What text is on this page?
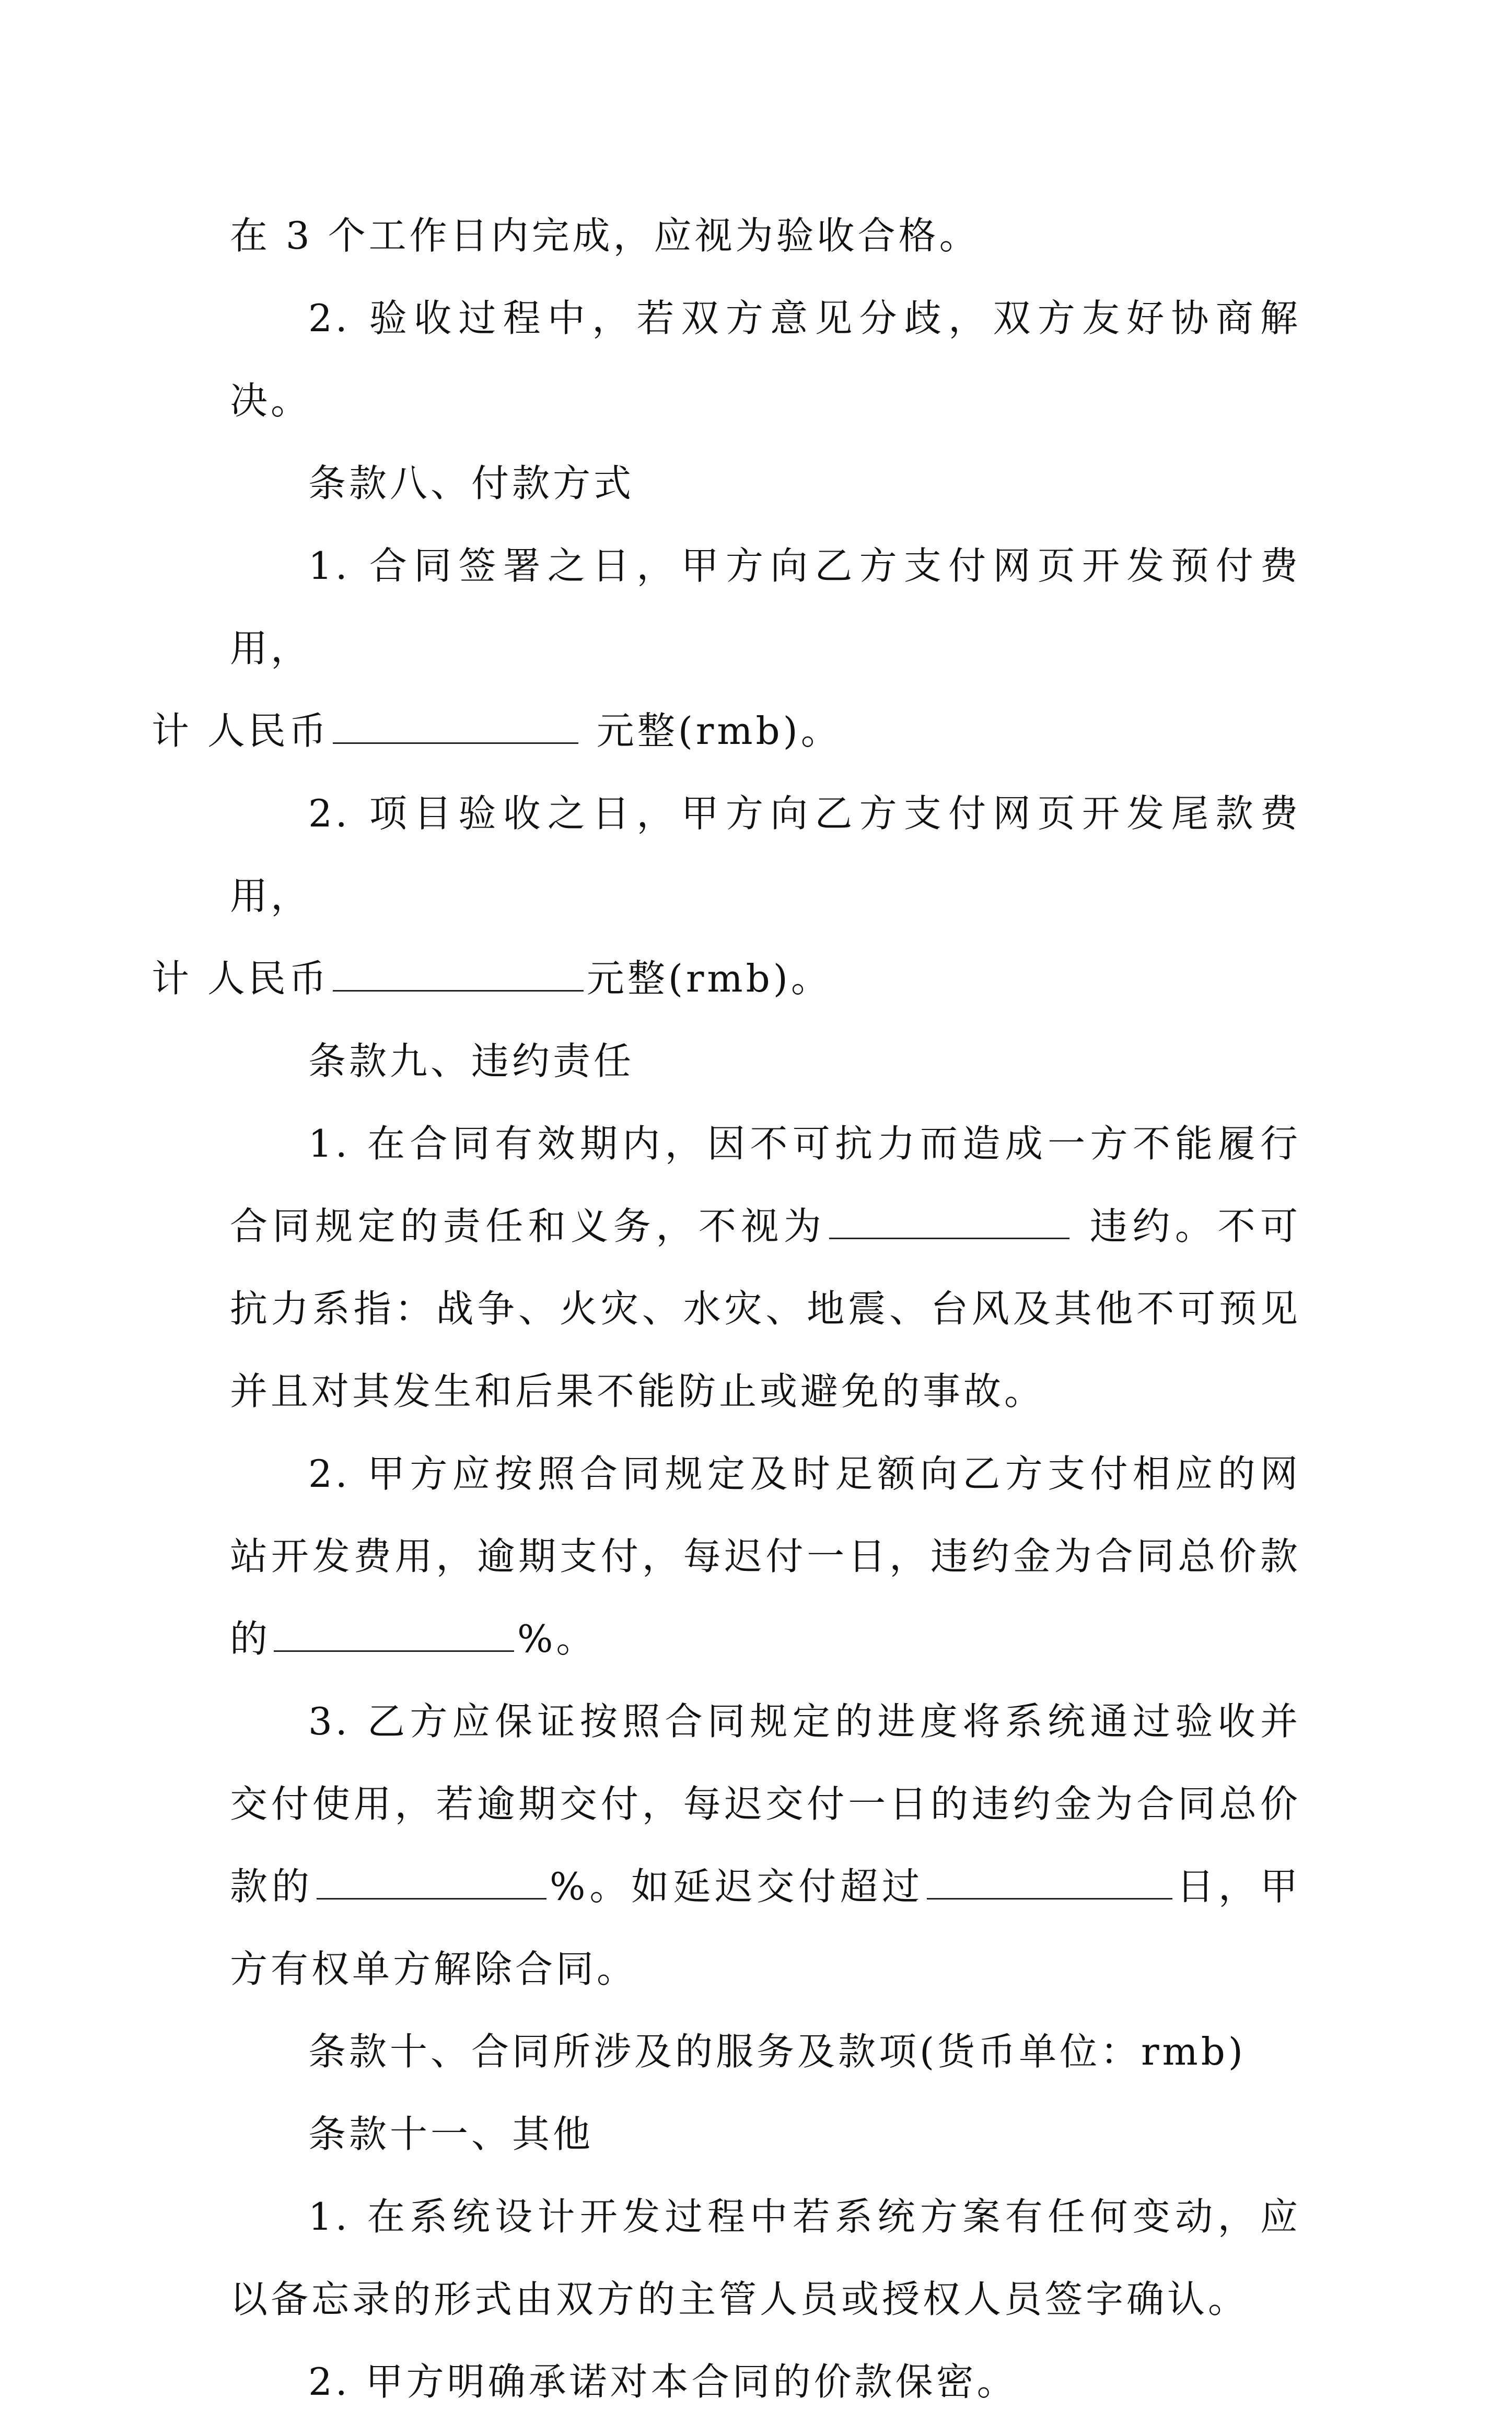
在 3 个工作日内完成，应视为验收合格。

2. 验收过程中，若双方意见分歧，双方友好协商解决。

条款八、付款方式

1. 合同签署之日，甲方向乙方支付网页开发预付费用，
计 人民币	元整(rmb)。

2. 项目验收之日，甲方向乙方支付网页开发尾款费用，
计 人民币	元整(rmb)。

条款九、违约责任

1. 在合同有效期内，因不可抗力而造成一方不能履行合同规定的责任和义务，不视为	违约。不可抗力系指：战争、火灾、水灾、地震、台风及其他不可预见并且对其发生和后果不能防止或避免的事故。

2. 甲方应按照合同规定及时足额向乙方支付相应的网站开发费用，逾期支付，每迟付一日，违约金为合同总价款的	%。

3. 乙方应保证按照合同规定的进度将系统通过验收并交付使用，若逾期交付，每迟交付一日的违约金为合同总价款的	%。如延迟交付超过	日，甲方有权单方解除合同。

条款十、合同所涉及的服务及款项(货币单位：rmb)

条款十一、其他

1. 在系统设计开发过程中若系统方案有任何变动，应以备忘录的形式由双方的主管人员或授权人员签字确认。

2. 甲方明确承诺对本合同的价款保密。
